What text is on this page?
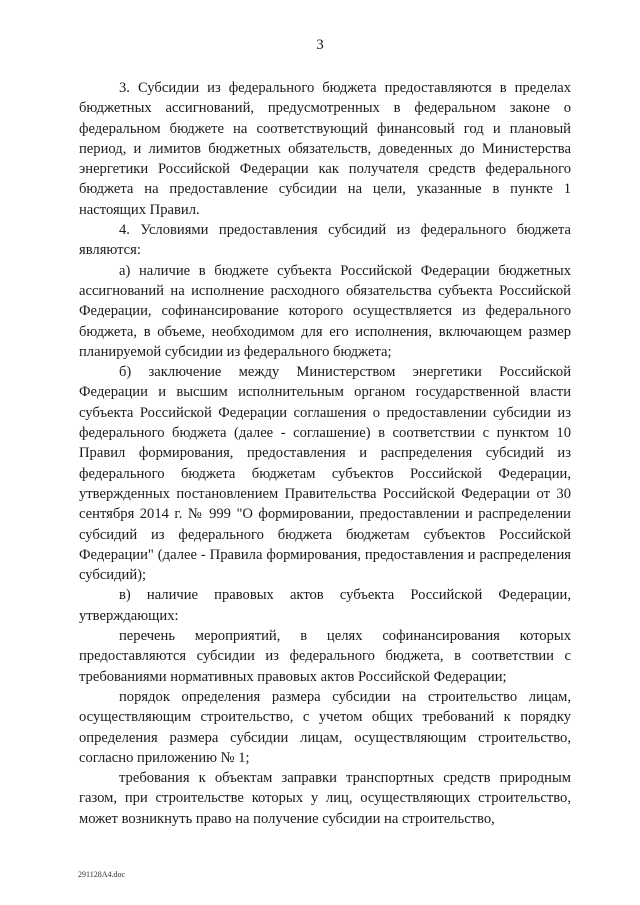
3

3. Субсидии из федерального бюджета предоставляются в пределах бюджетных ассигнований, предусмотренных в федеральном законе о федеральном бюджете на соответствующий финансовый год и плановый период, и лимитов бюджетных обязательств, доведенных до Министерства энергетики Российской Федерации как получателя средств федерального бюджета на предоставление субсидии на цели, указанные в пункте 1 настоящих Правил.

4. Условиями предоставления субсидий из федерального бюджета являются:

а) наличие в бюджете субъекта Российской Федерации бюджетных ассигнований на исполнение расходного обязательства субъекта Российской Федерации, софинансирование которого осуществляется из федерального бюджета, в объеме, необходимом для его исполнения, включающем размер планируемой субсидии из федерального бюджета;

б) заключение между Министерством энергетики Российской Федерации и высшим исполнительным органом государственной власти субъекта Российской Федерации соглашения о предоставлении субсидии из федерального бюджета (далее - соглашение) в соответствии с пунктом 10 Правил формирования, предоставления и распределения субсидий из федерального бюджета бюджетам субъектов Российской Федерации, утвержденных постановлением Правительства Российской Федерации от 30 сентября 2014 г. № 999 "О формировании, предоставлении и распределении субсидий из федерального бюджета бюджетам субъектов Российской Федерации" (далее - Правила формирования, предоставления и распределения субсидий);

в) наличие правовых актов субъекта Российской Федерации, утверждающих:

перечень мероприятий, в целях софинансирования которых предоставляются субсидии из федерального бюджета, в соответствии с требованиями нормативных правовых актов Российской Федерации;

порядок определения размера субсидии на строительство лицам, осуществляющим строительство, с учетом общих требований к порядку определения размера субсидии лицам, осуществляющим строительство, согласно приложению № 1;

требования к объектам заправки транспортных средств природным газом, при строительстве которых у лиц, осуществляющих строительство, может возникнуть право на получение субсидии на строительство,

291128А4.doc
